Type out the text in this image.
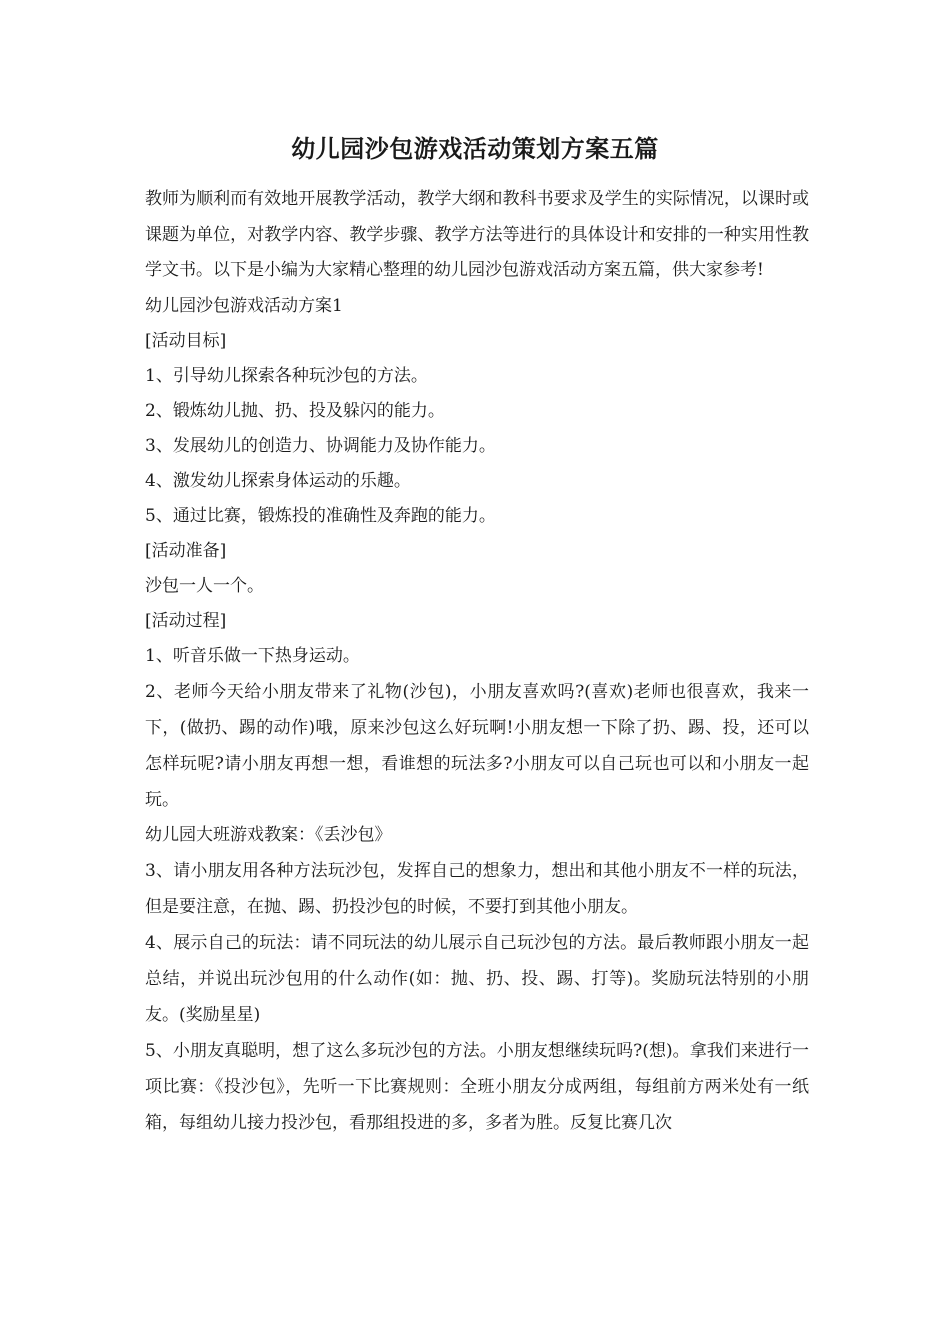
幼儿园沙包游戏活动策划方案五篇

教师为顺利而有效地开展教学活动，教学大纲和教科书要求及学生的实际情况，以课时或课题为单位，对教学内容、教学步骤、教学方法等进行的具体设计和安排的一种实用性教学文书。以下是小编为大家精心整理的幼儿园沙包游戏活动方案五篇，供大家参考!

幼儿园沙包游戏活动方案1

[活动目标]

1、引导幼儿探索各种玩沙包的方法。

2、锻炼幼儿抛、扔、投及躲闪的能力。

3、发展幼儿的创造力、协调能力及协作能力。

4、激发幼儿探索身体运动的乐趣。

5、通过比赛，锻炼投的准确性及奔跑的能力。

[活动准备]

沙包一人一个。

[活动过程]

1、听音乐做一下热身运动。

2、老师今天给小朋友带来了礼物(沙包)，小朋友喜欢吗?(喜欢)老师也很喜欢，我来一下，(做扔、踢的动作)哦，原来沙包这么好玩啊!小朋友想一下除了扔、踢、投，还可以怎样玩呢?请小朋友再想一想，看谁想的玩法多?小朋友可以自己玩也可以和小朋友一起玩。

幼儿园大班游戏教案：《丢沙包》

3、请小朋友用各种方法玩沙包，发挥自己的想象力，想出和其他小朋友不一样的玩法，但是要注意，在抛、踢、扔投沙包的时候，不要打到其他小朋友。

4、展示自己的玩法：请不同玩法的幼儿展示自己玩沙包的方法。最后教师跟小朋友一起总结，并说出玩沙包用的什么动作(如：抛、扔、投、踢、打等)。奖励玩法特别的小朋友。(奖励星星)

5、小朋友真聪明，想了这么多玩沙包的方法。小朋友想继续玩吗?(想)。拿我们来进行一项比赛：《投沙包》，先听一下比赛规则：全班小朋友分成两组，每组前方两米处有一纸箱，每组幼儿接力投沙包，看那组投进的多，多者为胜。反复比赛几次
